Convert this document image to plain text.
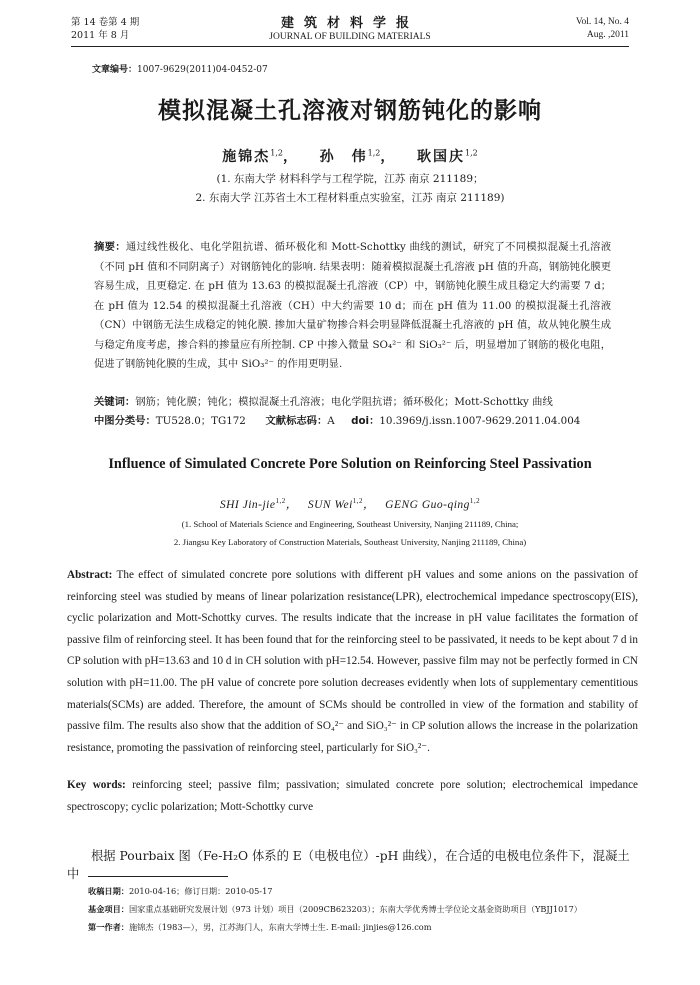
第 14 卷第 4 期
2011 年 8 月
建筑材料学报
JOURNAL OF BUILDING MATERIALS
Vol. 14, No. 4
Aug. ,2011
文章编号：1007-9629(2011)04-0452-07
模拟混凝土孔溶液对钢筋钝化的影响
施锦杰$^{1,2}$， 孙　伟$^{1,2}$， 耿国庆$^{1,2}$
(1. 东南大学 材料科学与工程学院，江苏 南京 211189；
2. 东南大学 江苏省土木工程材料重点实验室，江苏 南京 211189)
摘要：通过线性极化、电化学阻抗谱、循环极化和 Mott-Schottky 曲线的测试，研究了不同模拟混凝土孔溶液（不同 pH 值和不同阴离子）对钢筋钝化的影响. 结果表明：随着模拟混凝土孔溶液 pH 值的升高，钢筋钝化膜更容易生成，且更稳定. 在 pH 值为 13.63 的模拟混凝土孔溶液（CP）中，钢筋钝化膜生成且稳定大约需要 7 d；在 pH 值为 12.54 的模拟混凝土孔溶液（CH）中大约需要 10 d；而在 pH 值为 11.00 的模拟混凝土孔溶液（CN）中钢筋无法生成稳定的钝化膜. 掺加大量矿物掺合料会明显降低混凝土孔溶液的 pH 值，故从钝化膜生成与稳定角度考虑，掺合料的掺量应有所控制. CP 中掺入微量 SO₄²⁻ 和 SiO₃²⁻ 后，明显增加了钢筋的极化电阻，促进了钢筋钝化膜的生成，其中 SiO₃²⁻ 的作用更明显.
关键词：钢筋；钝化膜；钝化；模拟混凝土孔溶液；电化学阻抗谱；循环极化；Mott-Schottky 曲线
中图分类号：TU528.0；TG172 文献标志码：A doi：10.3969/j.issn.1007-9629.2011.04.004
Influence of Simulated Concrete Pore Solution on Reinforcing Steel Passivation
SHI Jin-jie$^{1,2}$， SUN Wei$^{1,2}$， GENG Guo-qing$^{1,2}$
(1. School of Materials Science and Engineering, Southeast University, Nanjing 211189, China;
2. Jiangsu Key Laboratory of Construction Materials, Southeast University, Nanjing 211189, China)
Abstract: The effect of simulated concrete pore solutions with different pH values and some anions on the passivation of reinforcing steel was studied by means of linear polarization resistance(LPR), electrochemical impedance spectroscopy(EIS), cyclic polarization and Mott-Schottky curves. The results indicate that the increase in pH value facilitates the formation of passive film of reinforcing steel. It has been found that for the reinforcing steel to be passivated, it needs to be kept about 7 d in CP solution with pH=13.63 and 10 d in CH solution with pH=12.54. However, passive film may not be perfectly formed in CN solution with pH=11.00. The pH value of concrete pore solution decreases evidently when lots of supplementary cementitious materials(SCMs) are added. Therefore, the amount of SCMs should be controlled in view of the formation and stability of passive film. The results also show that the addition of SO₄²⁻ and SiO₃²⁻ in CP solution allows the increase in the polarization resistance, promoting the passivation of reinforcing steel, particularly for SiO₃²⁻.
Key words: reinforcing steel; passive film; passivation; simulated concrete pore solution; electrochemical impedance spectroscopy; cyclic polarization; Mott-Schottky curve
根据 Pourbaix 图（Fe-H₂O 体系的 E（电极电位）-pH 曲线），在合适的电极电位条件下，混凝土中
收稿日期：2010-04-16；修订日期：2010-05-17
基金项目：国家重点基础研究发展计划（973 计划）项目（2009CB623203）；东南大学优秀博士学位论文基金资助项目（YBJJ1017）
第一作者：施锦杰（1983—），男，江苏海门人，东南大学博士生. E-mail: jinjies@126.com
